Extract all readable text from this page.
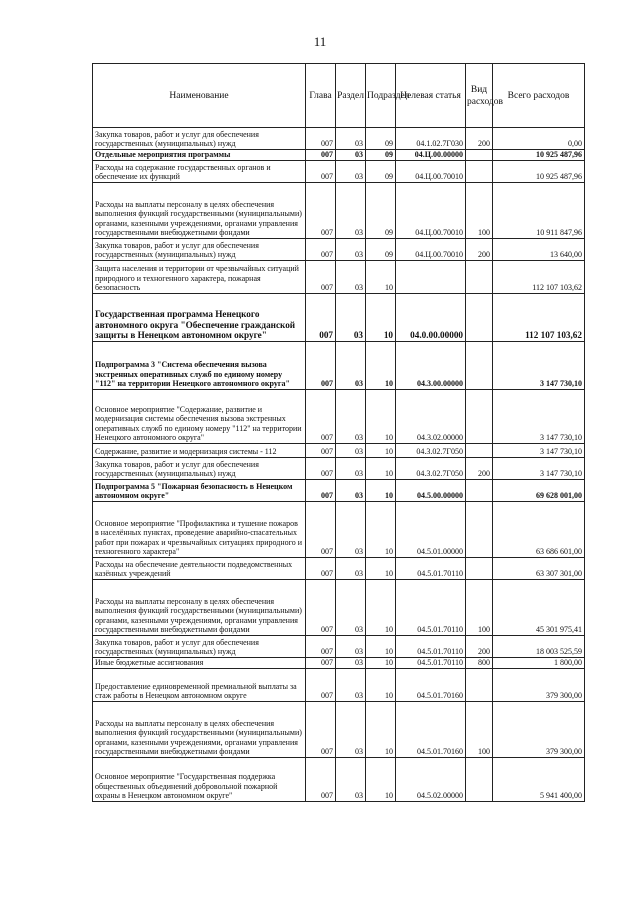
11
Наименование	Глава	Раздел	Подраздел	Целевая статья	Вид расходов	Всего расходов
Закупка товаров, работ и услуг для обеспечения государственных (муниципальных) нужд	007	03	09	04.1.02.7Г030	200	0,00
Отдельные мероприятия программы	007	03	09	04.Ц.00.00000		10 925 487,96
Расходы на содержание государственных органов и обеспечение их функций	007	03	09	04.Ц.00.70010		10 925 487,96
Расходы на выплаты персоналу в целях обеспечения выполнения функций государственными (муниципальными) органами, казенными учреждениями, органами управления государственными внебюджетными фондами	007	03	09	04.Ц.00.70010	100	10 911 847,96
Закупка товаров, работ и услуг для обеспечения государственных (муниципальных) нужд	007	03	09	04.Ц.00.70010	200	13 640,00
Защита населения и территории от чрезвычайных ситуаций природного и техногенного характера, пожарная безопасность	007	03	10			112 107 103,62
Государственная программа Ненецкого автономного округа "Обеспечение гражданской защиты в Ненецком автономном округе"	007	03	10	04.0.00.00000		112 107 103,62
Подпрограмма 3 "Система обеспечения вызова экстренных оперативных служб по единому номеру "112" на территории Ненецкого автономного округа"	007	03	10	04.3.00.00000		3 147 730,10
Основное мероприятие "Содержание, развитие и модернизация системы обеспечения вызова экстренных оперативных служб по единому номеру "112" на территории Ненецкого автономного округа"	007	03	10	04.3.02.00000		3 147 730,10
Содержание, развитие и модернизация системы - 112	007	03	10	04.3.02.7Г050		3 147 730,10
Закупка товаров, работ и услуг для обеспечения государственных (муниципальных) нужд	007	03	10	04.3.02.7Г050	200	3 147 730,10
Подпрограмма 5 "Пожарная безопасность в Ненецком автономном округе"	007	03	10	04.5.00.00000		69 628 001,00
Основное мероприятие "Профилактика и тушение пожаров в населённых пунктах, проведение аварийно-спасательных работ при пожарах и чрезвычайных ситуациях природного и техногенного характера"	007	03	10	04.5.01.00000		63 686 601,00
Расходы на обеспечение деятельности подведомственных казённых учреждений	007	03	10	04.5.01.70110		63 307 301,00
Расходы на выплаты персоналу в целях обеспечения выполнения функций государственными (муниципальными) органами, казенными учреждениями, органами управления государственными внебюджетными фондами	007	03	10	04.5.01.70110	100	45 301 975,41
Закупка товаров, работ и услуг для обеспечения государственных (муниципальных) нужд	007	03	10	04.5.01.70110	200	18 003 525,59
Иные бюджетные ассигнования	007	03	10	04.5.01.70110	800	1 800,00
Предоставление единовременной премиальной выплаты за стаж работы в Ненецком автономном округе	007	03	10	04.5.01.70160		379 300,00
Расходы на выплаты персоналу в целях обеспечения выполнения функций государственными (муниципальными) органами, казенными учреждениями, органами управления государственными внебюджетными фондами	007	03	10	04.5.01.70160	100	379 300,00
Основное мероприятие "Государственная поддержка общественных объединений добровольной пожарной охраны в Ненецком автономном округе"	007	03	10	04.5.02.00000		5 941 400,00
